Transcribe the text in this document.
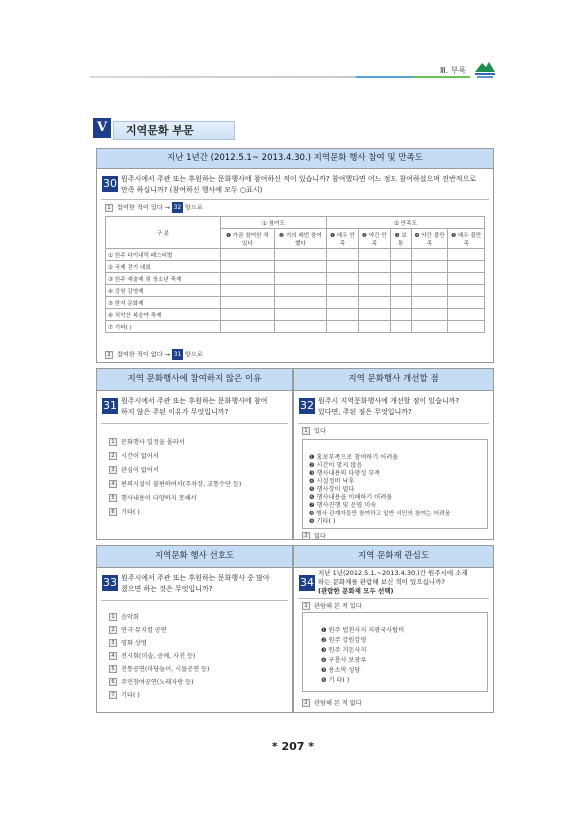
Ⅲ. 부록
V	지역문화 부문
지난 1년간 (2012.5.1~ 2013.4.30.) 지역문화 행사 참여 및 만족도
30 원주시에서 주관 또는 후원하는 문화행사에 참여하신 적이 있습니까? 참여했다면 어느 정도 참여하셨으며 전반적으로
만족 하십니까? (참여하신 행사에 모두 ○표시)
1 참여한 적이 있다 → 32 항으로
구 분	① 참여도		② 만족도				
	❶ 가끔 참여한 적 있다	❷ 거의 매번 참여했다	❶ 매우 만족	❷ 약간 만족	❸ 보통	❹ 약간 불만족	❺ 매우 불만족
① 원주 다이내믹 페스티벌							
② 국제 걷기 대회							
③ 원주 예술제 및 청소년 축제							
④ 강원 감영제							
⑤ 한지 문화제							
⑥ 치악산 복숭아 축제							
⑦ 기타( )							
2 참여한 적이 없다 → 31 항으로
지역 문화행사에 참여하지 않은 이유
31 원주시에서 주관 또는 후원하는 문화행사에 참여
하지 않은 주된 이유가 무엇입니까?
1 문화행사 일정을 몰라서
2 시간이 없어서
3 관심이 없어서
4 편의시설이 불편하여서(주차장, 교통수단 등)
5 행사내용이 다양하지 못해서
6 기타( )
지역 문화행사 개선할 점
32 원주시 지역문화행사에 개선할 점이 있습니까?
있다면, 주된 점은 무엇입니까?
1 있다
❶ 홍보부족으로 참여하기 어려움
❷ 시간이 맞지 않음
❸ 행사내용의 다양성 부족
❹ 시설정비 낙후
❺ 행사장이 멀다
❻ 행사내용을 이해하기 어려움
❼ 행사진행 및 운영 미숙
❽ 행사 관계자들만 참여하고 일반 시민의 참여는 어려움
❾ 기타( )
2 없다
지역문화 행사 선호도
33 원주시에서 주관 또는 후원하는 문화행사 중 많아
졌으면 하는 것은 무엇입니까?
1 음악회
2 연극·뮤지컬 공연
3 영화 상영
4 전시회(미술, 공예, 사진 등)
5 전통공연(마당놀이, 시물공연 등)
6 주민참여공연(노래자랑 등)
7 기타( )
지역 문화재 관심도
34
지난 1년(2012.5.1.~2013.4.30.)간 원주시에 소재
하는 문화재를 관람해 보신 적이 있으십니까?
(관람한 문화재 모두 선택)
1 관람해 본 적 있다
❶ 원주 법천사지 지광국사탑비
❷ 원주 강원감영
❸ 원주 거돈사지
❹ 구룡사 보광루
❺ 용소막 성당
❻ 기 타( )
2 관람해 본 적 없다
* 207 *
